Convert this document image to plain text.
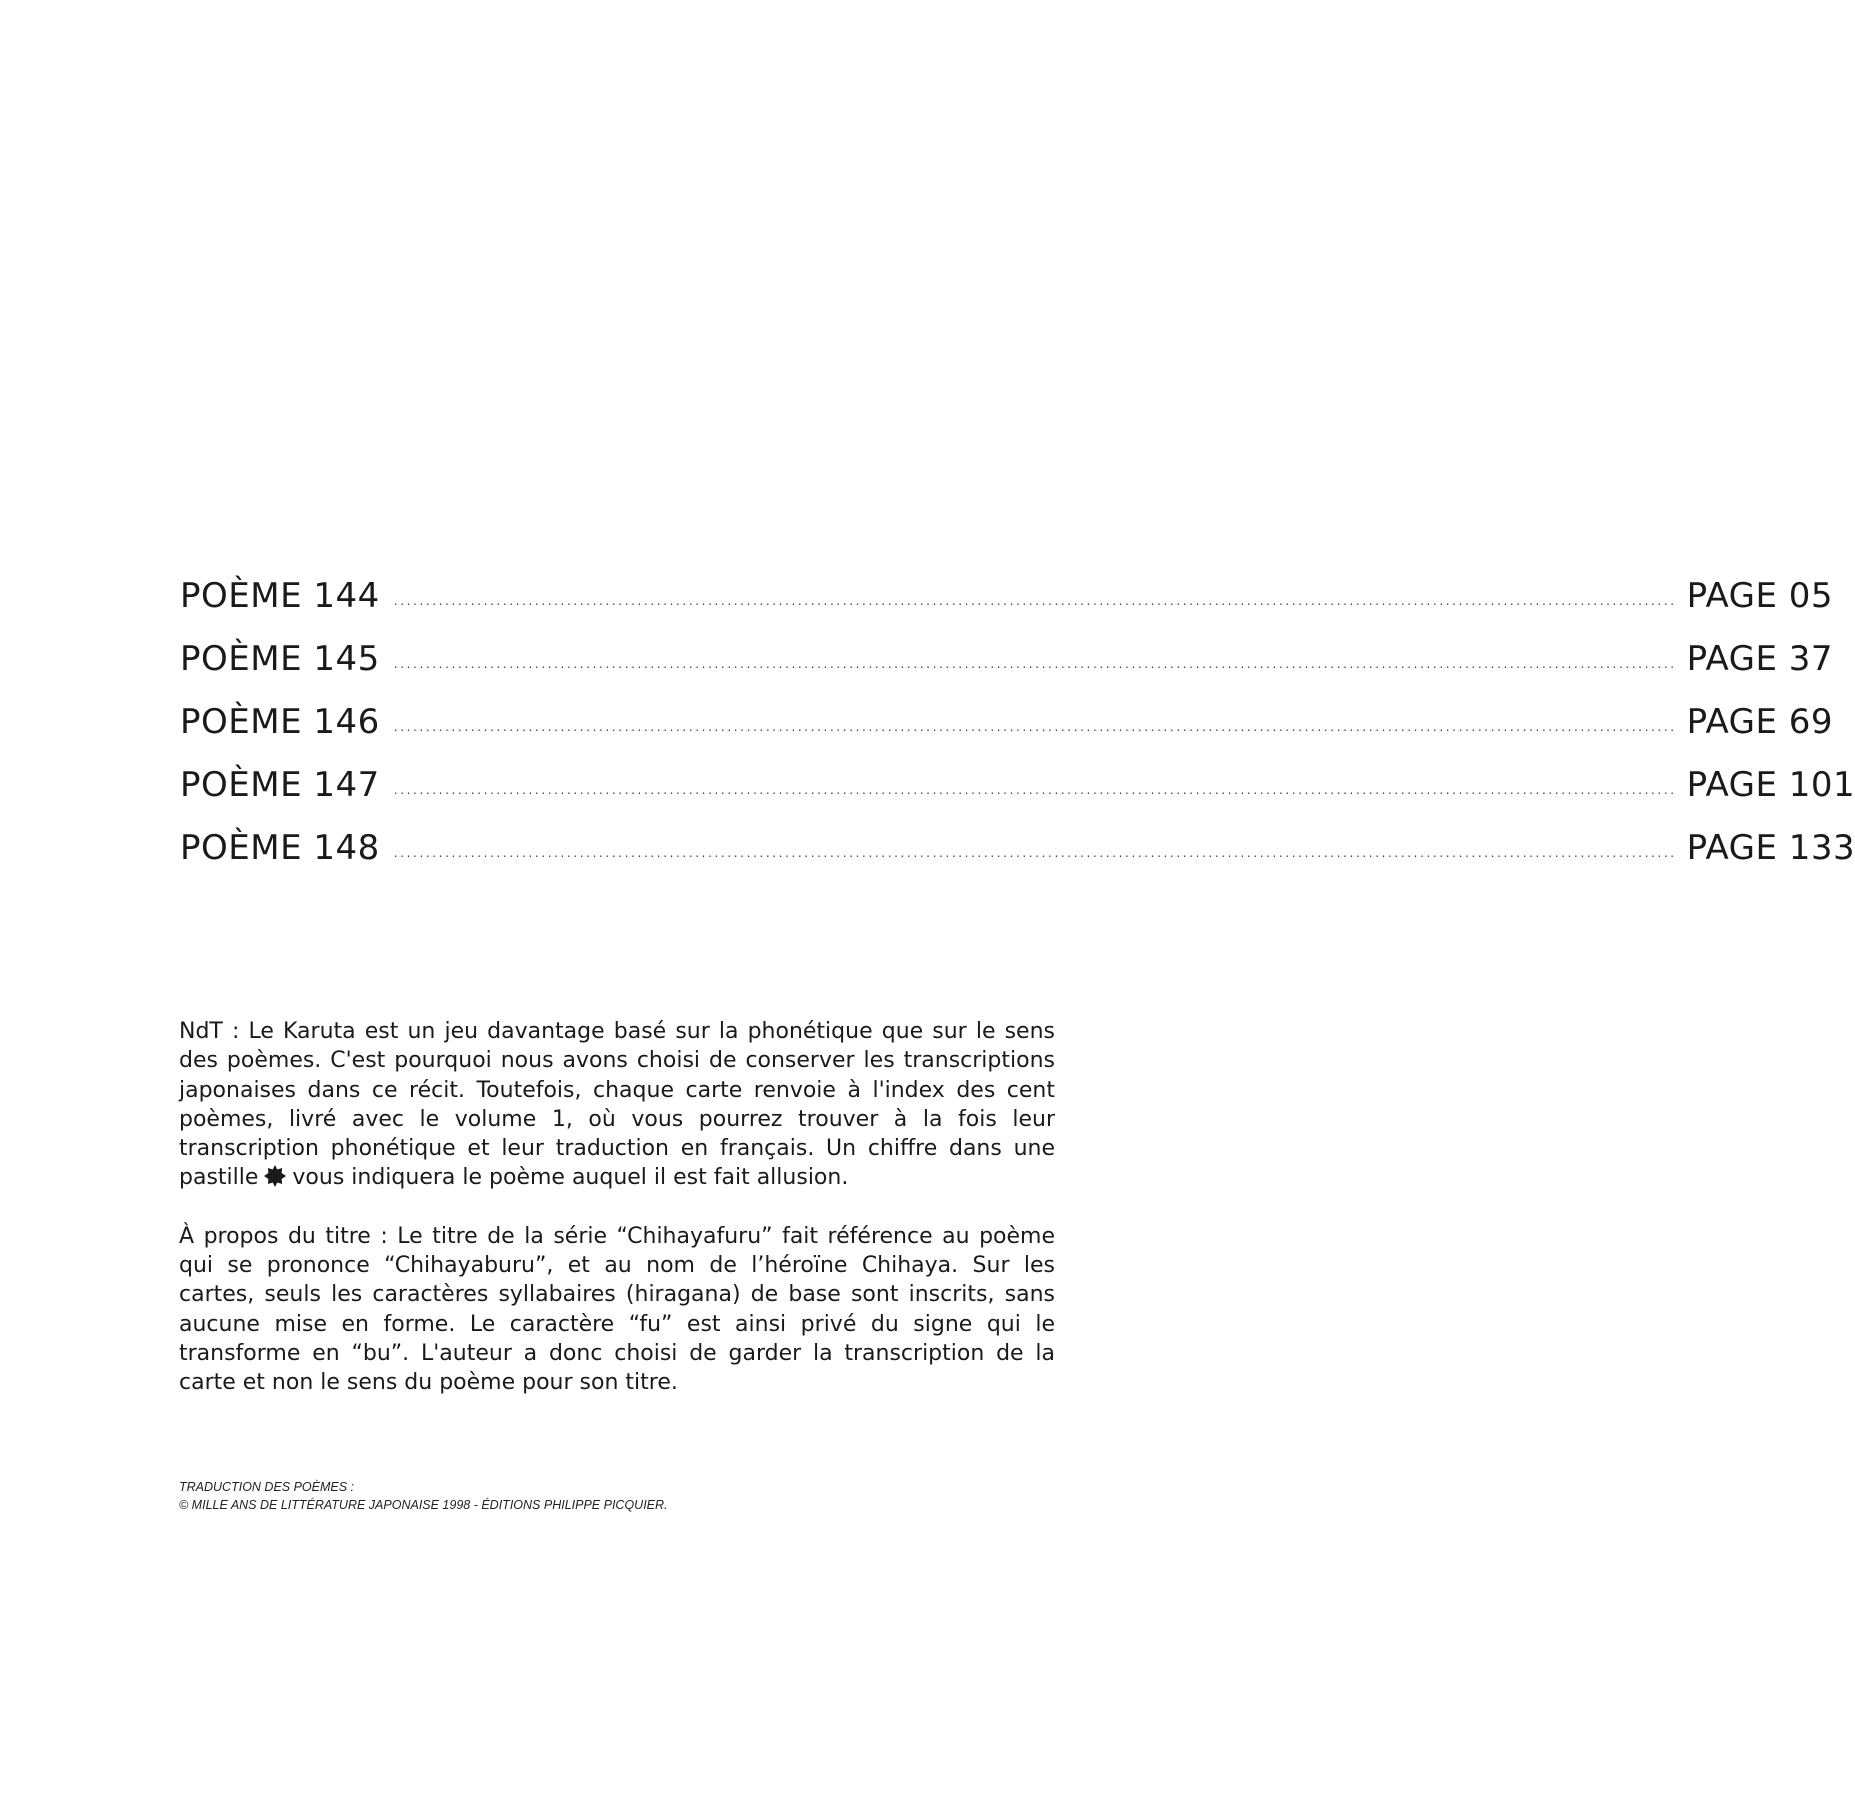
POÈME 144 ........................................................................................................................................................................................................ PAGE 05
POÈME 145 ........................................................................................................................................................................................................ PAGE 37
POÈME 146 ........................................................................................................................................................................................................ PAGE 69
POÈME 147 ........................................................................................................................................................................................................ PAGE 101
POÈME 148 ........................................................................................................................................................................................................ PAGE 133

NdT : Le Karuta est un jeu davantage basé sur la phonétique que sur le sens des poèmes. C'est pourquoi nous avons choisi de conserver les transcriptions japonaises dans ce récit. Toutefois, chaque carte renvoie à l'index des cent poèmes, livré avec le volume 1, où vous pourrez trouver à la fois leur transcription phonétique et leur traduction en français. Un chiffre dans une pastille vous indiquera le poème auquel il est fait allusion.

À propos du titre : Le titre de la série “Chihayafuru” fait référence au poème qui se prononce “Chihayaburu”, et au nom de l’héroïne Chihaya. Sur les cartes, seuls les caractères syllabaires (hiragana) de base sont inscrits, sans aucune mise en forme. Le caractère “fu” est ainsi privé du signe qui le transforme en “bu”. L'auteur a donc choisi de garder la transcription de la carte et non le sens du poème pour son titre.

TRADUCTION DES POÈMES :
© MILLE ANS DE LITTÉRATURE JAPONAISE 1998 - ÉDITIONS PHILIPPE PICQUIER.
